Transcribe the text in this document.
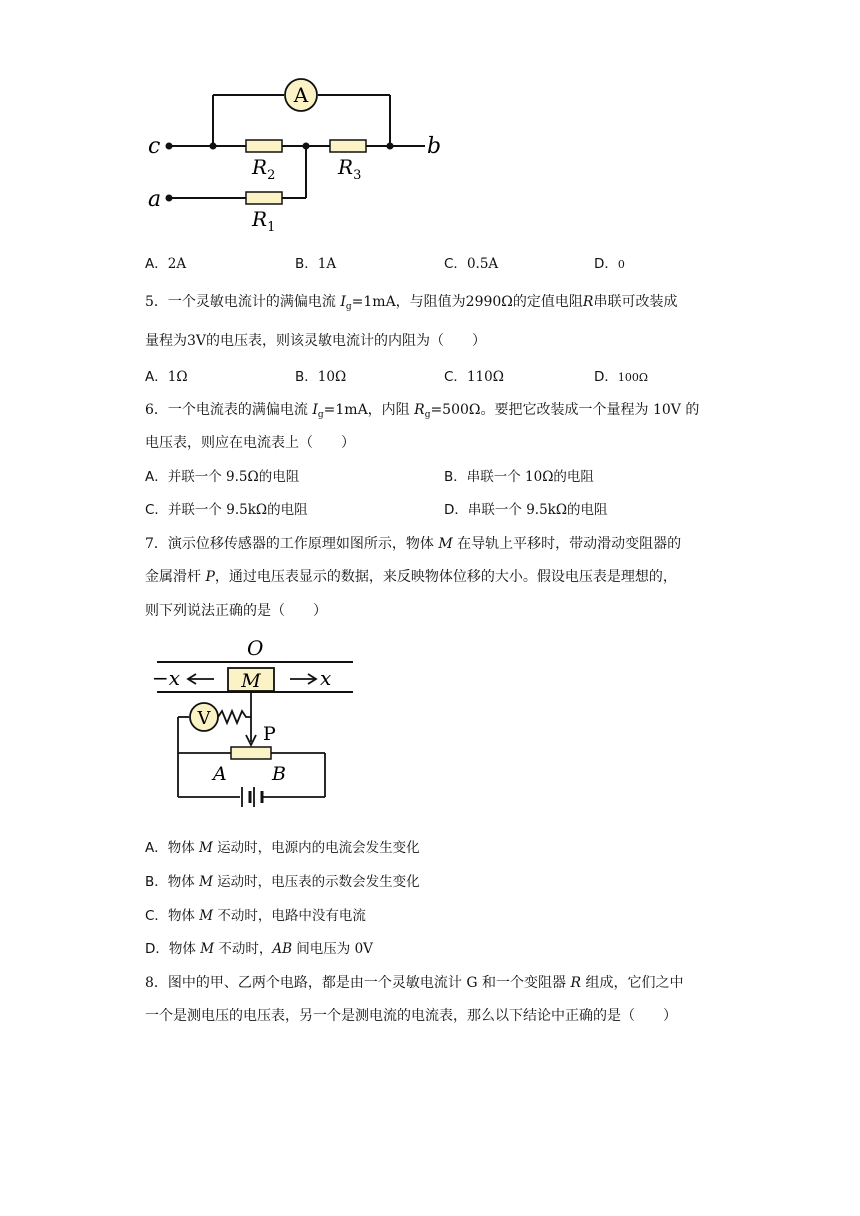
A
c	b
a
$R_2$	$R_3$
$R_1$
A．2A	B．1A	C．0.5A	D．0
5．一个灵敏电流计的满偏电流 $I_g=1mA$，与阻值为2990Ω的定值电阻R串联可改装成
量程为3V的电压表，则该灵敏电流计的内阻为（　　）
A．1Ω	B．10Ω	C．110Ω	D．100Ω
6．一个电流表的满偏电流 $I_g=1mA$，内阻 $R_g=500\Omega$。要把它改装成一个量程为 10V 的
电压表，则应在电流表上（　　）
A．并联一个 9.5Ω的电阻	B．串联一个 10Ω的电阻
C．并联一个 9.5kΩ的电阻	D．串联一个 9.5kΩ的电阻
7．演示位移传感器的工作原理如图所示，物体 M 在导轨上平移时，带动滑动变阻器的
金属滑杆 P，通过电压表显示的数据，来反映物体位移的大小。假设电压表是理想的，
则下列说法正确的是（　　）
O
−x	x
M
V
P
A B
A．物体 M 运动时，电源内的电流会发生变化
B．物体 M 运动时，电压表的示数会发生变化
C．物体 M 不动时，电路中没有电流
D．物体 M 不动时，AB 间电压为 0V
8．图中的甲、乙两个电路，都是由一个灵敏电流计 G 和一个变阻器 R 组成，它们之中
一个是测电压的电压表，另一个是测电流的电流表，那么以下结论中正确的是（　　）
